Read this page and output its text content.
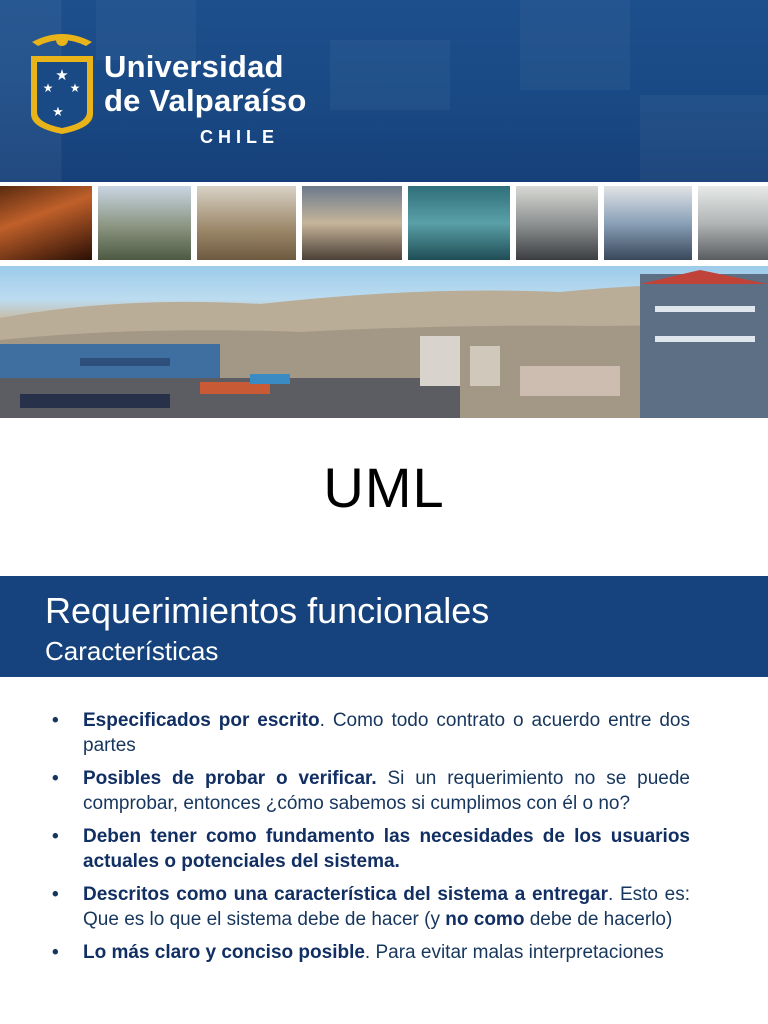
★
★ ★
★
Universidad
de Valparaíso
CHILE
UML
Requerimientos funcionales
Características
• Especificados por escrito. Como todo contrato o acuerdo entre dos partes
• Posibles de probar o verificar. Si un requerimiento no se puede comprobar, entonces ¿cómo sabemos si cumplimos con él o no?
• Deben tener como fundamento las necesidades de los usuarios actuales o potenciales del sistema.
• Descritos como una característica del sistema a entregar. Esto es: Que es lo que el sistema debe de hacer (y no como debe de hacerlo)
• Lo más claro y conciso posible. Para evitar malas interpretaciones
